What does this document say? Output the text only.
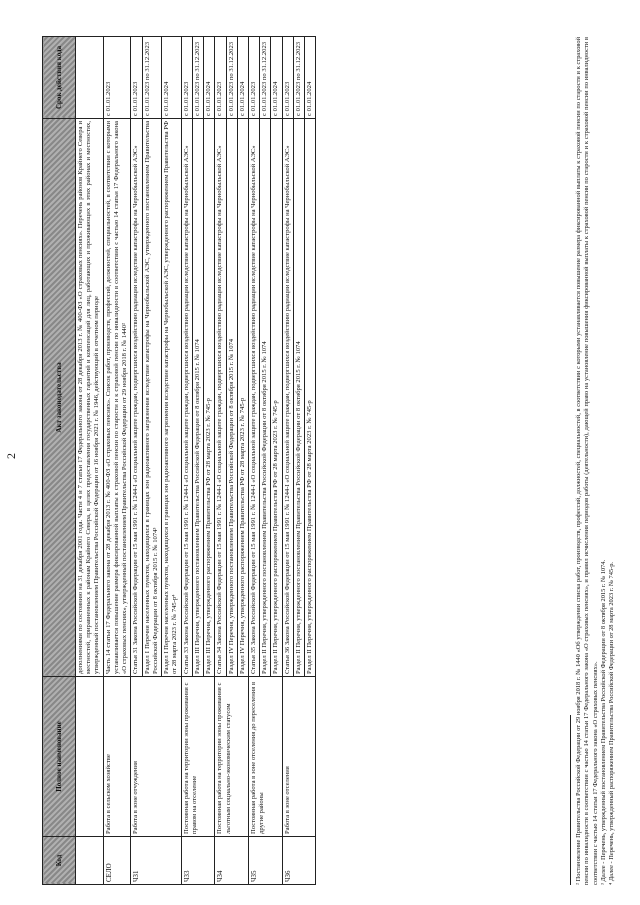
2
Код	Полное наименование	Акт законодательства	Срок действия кода
		дополнениями по состоянию на 31 декабря 2001 года. Части 4 и 7 статьи 17 Федерального закона от 28 декабря 2013 г. № 400-ФЗ «О страховых пенсиях». Перечень районов Крайнего Севера и местностей, приравненных к районам Крайнего Севера, в целях предоставления государственных гарантий и компенсаций для лиц, работающих и проживающих в этих районах и местностях, утвержденный постановлением Правительства Российской Федерации от 16 ноября 2021 г. № 1946, действующий в отчетном периоде	
СЕЛО	Работа в сельском хозяйстве	Часть 14 статьи 17 Федерального закона от 28 декабря 2013 г. № 400-ФЗ «О страховых пенсиях». Список работ, производств, профессий, должностей, специальностей, в соответствии с которыми устанавливается повышение размера фиксированной выплаты к страховой пенсии по старости и к страховой пенсии по инвалидности в соответствии с частью 14 статьи 17 Федерального закона «О страховых пенсиях», утвержденный постановлением Правительства Российской Федерации от 29 ноября 2018 г. № 1440²	с 01.01.2023
ЧЗ1	Работа в зоне отчуждения	Статья 31 Закона Российской Федерации от 15 мая 1991 г. № 1244-I «О социальной защите граждан, подвергшихся воздействию радиации вследствие катастрофы на Чернобыльской АЭС»	с 01.01.2023
		Раздел I Перечня населенных пунктов, находящихся в границах зон радиоактивного загрязнения вследствие катастрофы на Чернобыльской АЭС, утвержденного постановлением Правительства Российской Федерации от 8 октября 2015 г. № 1074³	с 01.01.2023 по 31.12.2023
		Раздел I Перечня населенных пунктов, находящихся в границах зон радиоактивного загрязнения вследствие катастрофы на Чернобыльской АЭС, утвержденного распоряжением Правительства РФ от 28 марта 2023 г. № 745-р⁴	с 01.01.2024
ЧЗ3	Постоянная работа на территории зоны проживания с правом на отселение	Статья 33 Закона Российской Федерации от 15 мая 1991 г. № 1244-I «О социальной защите граждан, подвергшихся воздействию радиации вследствие катастрофы на Чернобыльской АЭС»	с 01.01.2023
		Раздел III Перечня, утвержденного постановлением Правительства Российской Федерации от 8 октября 2015 г. № 1074	с 01.01.2023 по 31.12.2023
		Раздел III Перечня, утвержденного распоряжением Правительства РФ от 28 марта 2023 г. № 745-р	с 01.01.2024
ЧЗ4	Постоянная работа на территории зоны проживания с льготным социально-экономическим статусом	Статья 34 Закона Российской Федерации от 15 мая 1991 г. № 1244-I «О социальной защите граждан, подвергшихся воздействию радиации вследствие катастрофы на Чернобыльской АЭС»	с 01.01.2023
		Раздел IV Перечня, утвержденного постановлением Правительства Российской Федерации от 8 октября 2015 г. № 1074	с 01.01.2023 по 31.12.2023
		Раздел IV Перечня, утвержденного распоряжением Правительства РФ от 28 марта 2023 г. № 745-р	с 01.01.2024
ЧЗ5	Постоянная работа в зоне отселения до переселения в другие районы	Статья 35 Закона Российской Федерации от 15 мая 1991 г. № 1244-I «О социальной защите граждан, подвергшихся воздействию радиации вследствие катастрофы на Чернобыльской АЭС»	с 01.01.2023
		Раздел II Перечня, утвержденного постановлением Правительства Российской Федерации от 8 октября 2015 г. № 1074	с 01.01.2023 по 31.12.2023
		Раздел II Перечня, утвержденного распоряжением Правительства РФ от 28 марта 2023 г. № 745-р	с 01.01.2024
ЧЗ6	Работа в зоне отселения	Статья 36 Закона Российской Федерации от 15 мая 1991 г. № 1244-I «О социальной защите граждан, подвергшихся воздействию радиации вследствие катастрофы на Чернобыльской АЭС»	с 01.01.2023
		Раздел II Перечня, утвержденного постановлением Правительства Российской Федерации от 8 октября 2015 г. № 1074	с 01.01.2023 по 31.12.2023
		Раздел II Перечня, утвержденного распоряжением Правительства РФ от 28 марта 2023 г. № 745-р	с 01.01.2024	² Постановление Правительства Российской Федерации от 29 ноября 2018 г. № 1440 «Об утверждении списка работ, производств, профессий, должностей, специальностей, в соответствии с которыми устанавливается повышение размера фиксированной выплаты к страховой пенсии по старости и к страховой пенсии по инвалидности в соответствии с частью 14 статьи 17 Федерального закона «О страховых пенсиях», и правил исчисления периодов работы (деятельности), дающей право на установление повышения фиксированной выплаты к страховой пенсии по старости и к страховой пенсии по инвалидности в соответствии с частью 14 статьи 17 Федерального закона «О страховых пенсиях». ³ Далее - Перечень, утвержденный постановлением Правительства Российской Федерации от 8 октября 2015 г. № 1074. ⁴ Далее - Перечень, утвержденный распоряжением Правительства Российской Федерации от 28 марта 2023 г. № 745-р.
